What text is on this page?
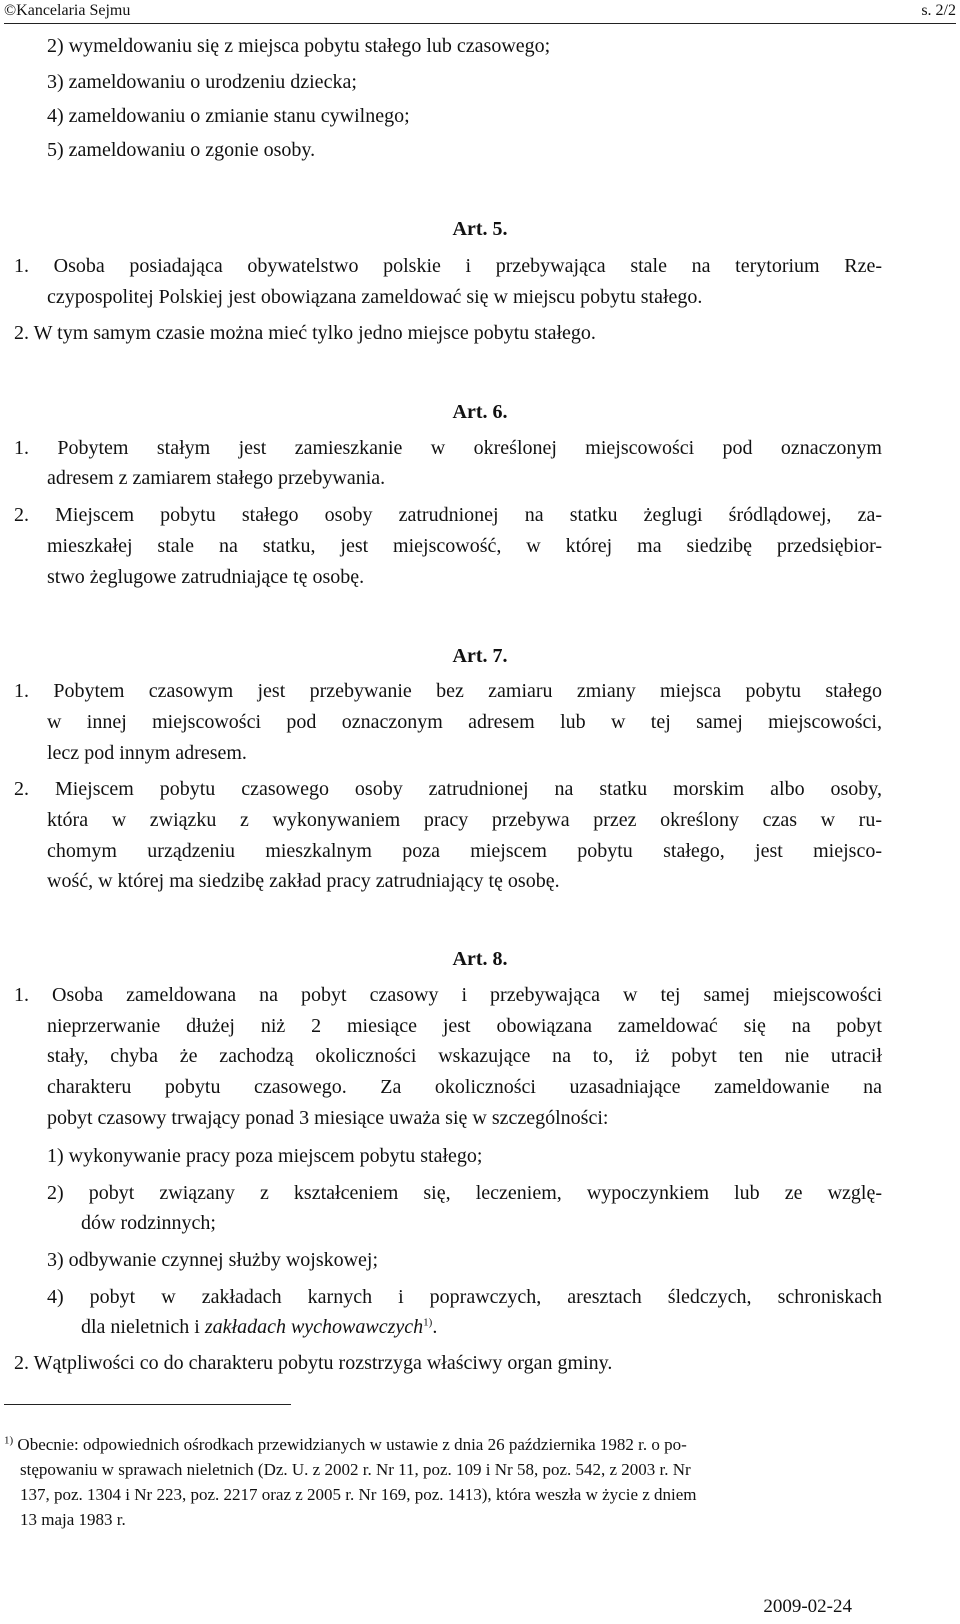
©Kancelaria Sejmu	s. 2/2
2) wymeldowaniu się z miejsca pobytu stałego lub czasowego;
3) zameldowaniu o urodzeniu dziecka;
4) zameldowaniu o zmianie stanu cywilnego;
5) zameldowaniu o zgonie osoby.
Art. 5.
1. Osoba posiadająca obywatelstwo polskie i przebywająca stale na terytorium Rze-
czypospolitej Polskiej jest obowiązana zameldować się w miejscu pobytu stałego.
2. W tym samym czasie można mieć tylko jedno miejsce pobytu stałego.
Art. 6.
1. Pobytem stałym jest zamieszkanie w określonej miejscowości pod oznaczonym
adresem z zamiarem stałego przebywania.
2. Miejscem pobytu stałego osoby zatrudnionej na statku żeglugi śródlądowej, za-
mieszkałej stale na statku, jest miejscowość, w której ma siedzibę przedsiębior-
stwo żeglugowe zatrudniające tę osobę.
Art. 7.
1. Pobytem czasowym jest przebywanie bez zamiaru zmiany miejsca pobytu stałego
w innej miejscowości pod oznaczonym adresem lub w tej samej miejscowości,
lecz pod innym adresem.
2. Miejscem pobytu czasowego osoby zatrudnionej na statku morskim albo osoby,
która w związku z wykonywaniem pracy przebywa przez określony czas w ru-
chomym urządzeniu mieszkalnym poza miejscem pobytu stałego, jest miejsco-
wość, w której ma siedzibę zakład pracy zatrudniający tę osobę.
Art. 8.
1. Osoba zameldowana na pobyt czasowy i przebywająca w tej samej miejscowości
nieprzerwanie dłużej niż 2 miesiące jest obowiązana zameldować się na pobyt
stały, chyba że zachodzą okoliczności wskazujące na to, iż pobyt ten nie utracił
charakteru pobytu czasowego. Za okoliczności uzasadniające zameldowanie na
pobyt czasowy trwający ponad 3 miesiące uważa się w szczególności:
1) wykonywanie pracy poza miejscem pobytu stałego;
2) pobyt związany z kształceniem się, leczeniem, wypoczynkiem lub ze wzglę-
dów rodzinnych;
3) odbywanie czynnej służby wojskowej;
4) pobyt w zakładach karnych i poprawczych, aresztach śledczych, schroniskach
dla nieletnich i zakładach wychowawczych$^{1)}$.
2. Wątpliwości co do charakteru pobytu rozstrzyga właściwy organ gminy.
$^{1)}$ Obecnie: odpowiednich ośrodkach przewidzianych w ustawie z dnia 26 października 1982 r. o po-
stępowaniu w sprawach nieletnich (Dz. U. z 2002 r. Nr 11, poz. 109 i Nr 58, poz. 542, z 2003 r. Nr
137, poz. 1304 i Nr 223, poz. 2217 oraz z 2005 r. Nr 169, poz. 1413), która weszła w życie z dniem
13 maja 1983 r.
2009-02-24
